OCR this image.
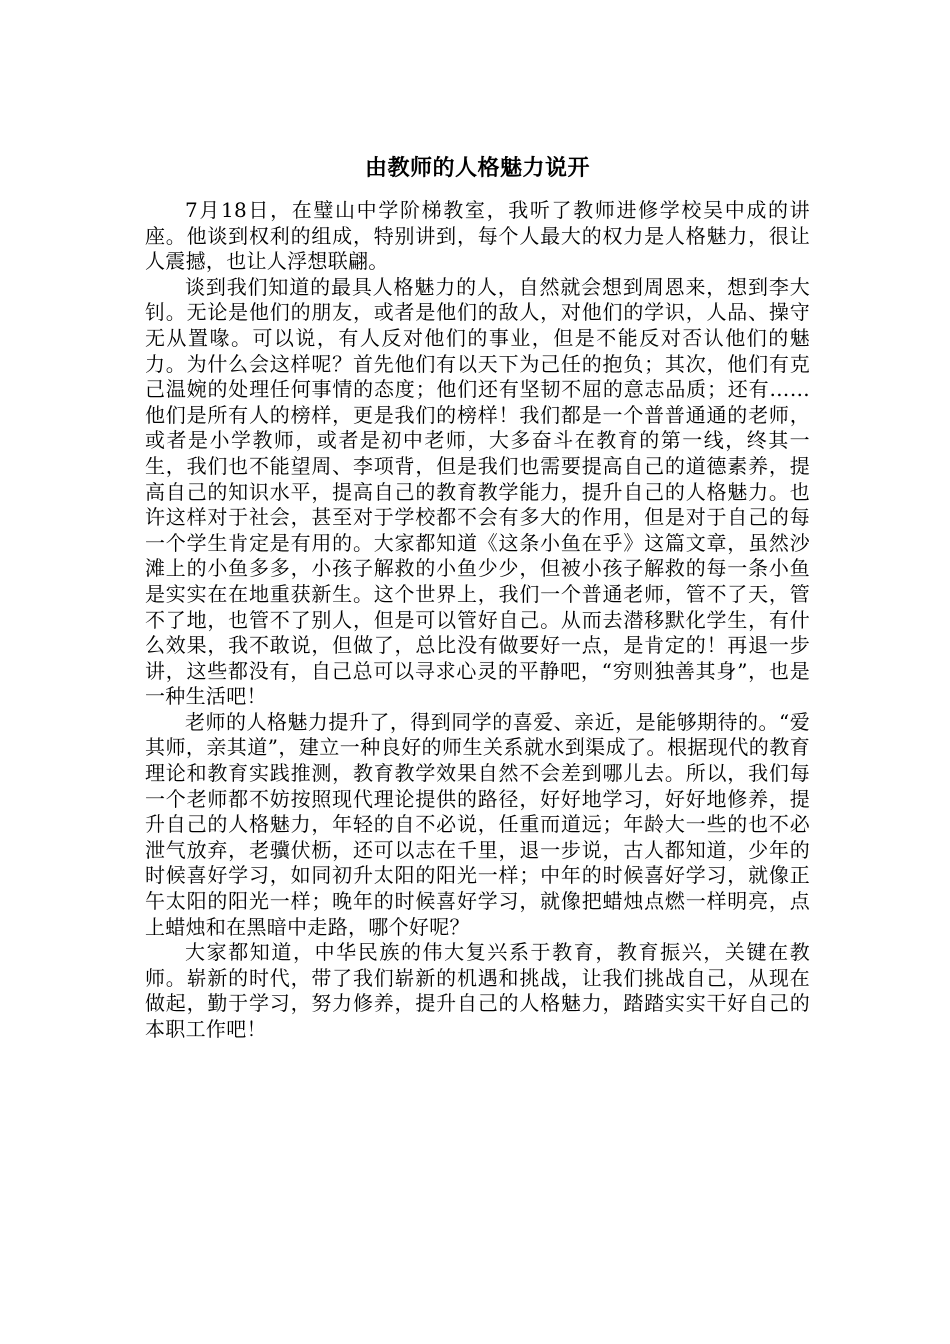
由教师的人格魅力说开

7月18日，在璧山中学阶梯教室，我听了教师进修学校吴中成的讲座。他谈到权利的组成，特别讲到，每个人最大的权力是人格魅力，很让人震撼，也让人浮想联翩。

谈到我们知道的最具人格魅力的人，自然就会想到周恩来，想到李大钊。无论是他们的朋友，或者是他们的敌人，对他们的学识，人品、操守无从置喙。可以说，有人反对他们的事业，但是不能反对否认他们的魅力。为什么会这样呢？首先他们有以天下为己任的抱负；其次，他们有克己温婉的处理任何事情的态度；他们还有坚韧不屈的意志品质；还有……他们是所有人的榜样，更是我们的榜样！我们都是一个普普通通的老师，或者是小学教师，或者是初中老师，大多奋斗在教育的第一线，终其一生，我们也不能望周、李项背，但是我们也需要提高自己的道德素养，提高自己的知识水平，提高自己的教育教学能力，提升自己的人格魅力。也许这样对于社会，甚至对于学校都不会有多大的作用，但是对于自己的每一个学生肯定是有用的。大家都知道《这条小鱼在乎》这篇文章，虽然沙滩上的小鱼多多，小孩子解救的小鱼少少，但被小孩子解救的每一条小鱼是实实在在地重获新生。这个世界上，我们一个普通老师，管不了天，管不了地，也管不了别人，但是可以管好自己。从而去潜移默化学生，有什么效果，我不敢说，但做了，总比没有做要好一点，是肯定的！再退一步讲，这些都没有，自己总可以寻求心灵的平静吧，“穷则独善其身”，也是一种生活吧！

老师的人格魅力提升了，得到同学的喜爱、亲近，是能够期待的。“爱其师，亲其道”，建立一种良好的师生关系就水到渠成了。根据现代的教育理论和教育实践推测，教育教学效果自然不会差到哪儿去。所以，我们每一个老师都不妨按照现代理论提供的路径，好好地学习，好好地修养，提升自己的人格魅力，年轻的自不必说，任重而道远；年龄大一些的也不必泄气放弃，老骥伏枥，还可以志在千里，退一步说，古人都知道，少年的时候喜好学习，如同初升太阳的阳光一样；中年的时候喜好学习，就像正午太阳的阳光一样；晚年的时候喜好学习，就像把蜡烛点燃一样明亮，点上蜡烛和在黑暗中走路，哪个好呢？

大家都知道，中华民族的伟大复兴系于教育，教育振兴，关键在教师。崭新的时代，带了我们崭新的机遇和挑战，让我们挑战自己，从现在做起，勤于学习，努力修养，提升自己的人格魅力，踏踏实实干好自己的本职工作吧！
